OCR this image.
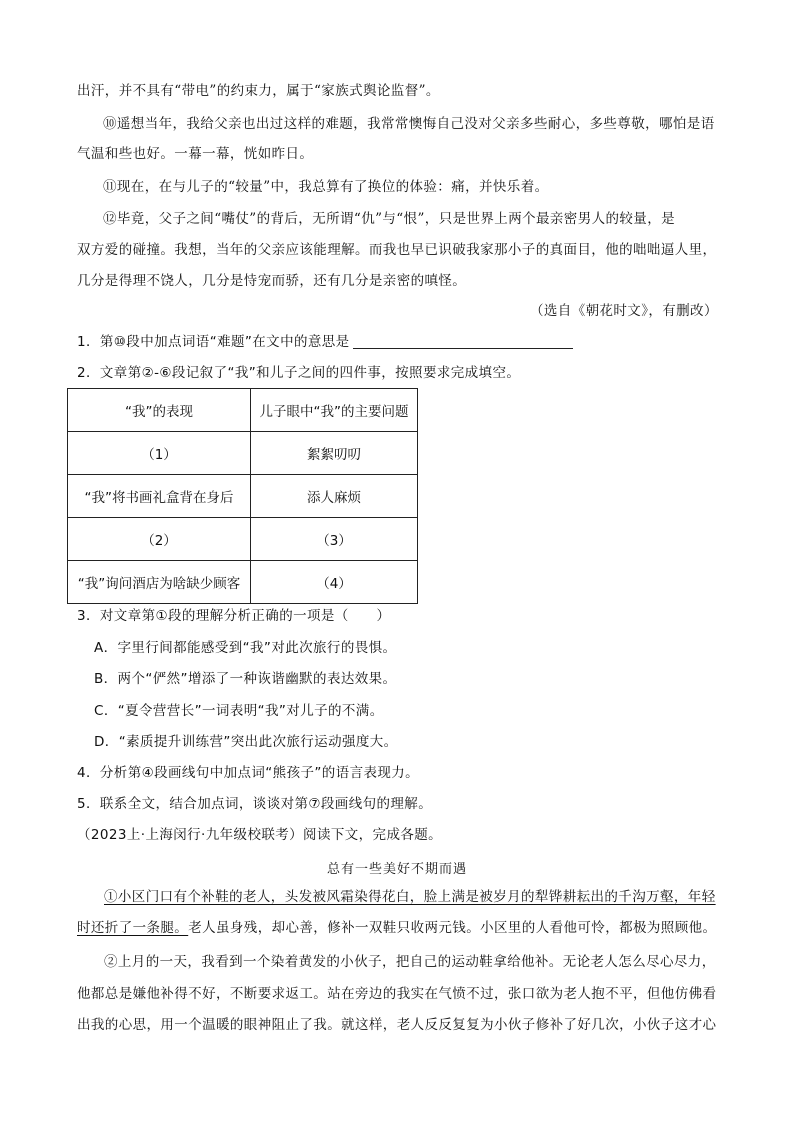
出汗，并不具有“带电”的约束力，属于“家族式舆论监督”。
⑩遥想当年，我给父亲也出过这样的难题，我常常懊悔自己没对父亲多些耐心，多些尊敬，哪怕是语
气温和些也好。一幕一幕，恍如昨日。
⑪现在，在与儿子的“较量”中，我总算有了换位的体验：痛，并快乐着。
⑫毕竟，父子之间“嘴仗”的背后，无所谓“仇”与“恨”，只是世界上两个最亲密男人的较量，是
双方爱的碰撞。我想，当年的父亲应该能理解。而我也早已识破我家那小子的真面目，他的咄咄逼人里，
几分是得理不饶人，几分是恃宠而骄，还有几分是亲密的嗔怪。
（选自《朝花时文》，有删改）
1．第⑩段中加点词语“难题”在文中的意思是
2．文章第②-⑥段记叙了“我”和儿子之间的四件事，按照要求完成填空。
“我”的表现	儿子眼中“我”的主要问题
（1）	絮絮叨叨
“我”将书画礼盒背在身后	添人麻烦
（2）	（3）
“我”询问酒店为啥缺少顾客	（4）
3．对文章第①段的理解分析正确的一项是（　　）
A．字里行间都能感受到“我”对此次旅行的畏惧。
B．两个“俨然”增添了一种诙谐幽默的表达效果。
C．“夏令营营长”一词表明“我”对儿子的不满。
D．“素质提升训练营”突出此次旅行运动强度大。
4．分析第④段画线句中加点词“熊孩子”的语言表现力。
5．联系全文，结合加点词，谈谈对第⑦段画线句的理解。
（2023上·上海闵行·九年级校联考）阅读下文，完成各题。
总有一些美好不期而遇
①小区门口有个补鞋的老人，头发被风霜染得花白，脸上满是被岁月的犁铧耕耘出的千沟万壑，年轻
时还折了一条腿。老人虽身残，却心善，修补一双鞋只收两元钱。小区里的人看他可怜，都极为照顾他。
②上月的一天，我看到一个染着黄发的小伙子，把自己的运动鞋拿给他补。无论老人怎么尽心尽力，
他都总是嫌他补得不好，不断要求返工。站在旁边的我实在气愤不过，张口欲为老人抱不平，但他仿佛看
出我的心思，用一个温暖的眼神阻止了我。就这样，老人反反复复为小伙子修补了好几次，小伙子这才心
